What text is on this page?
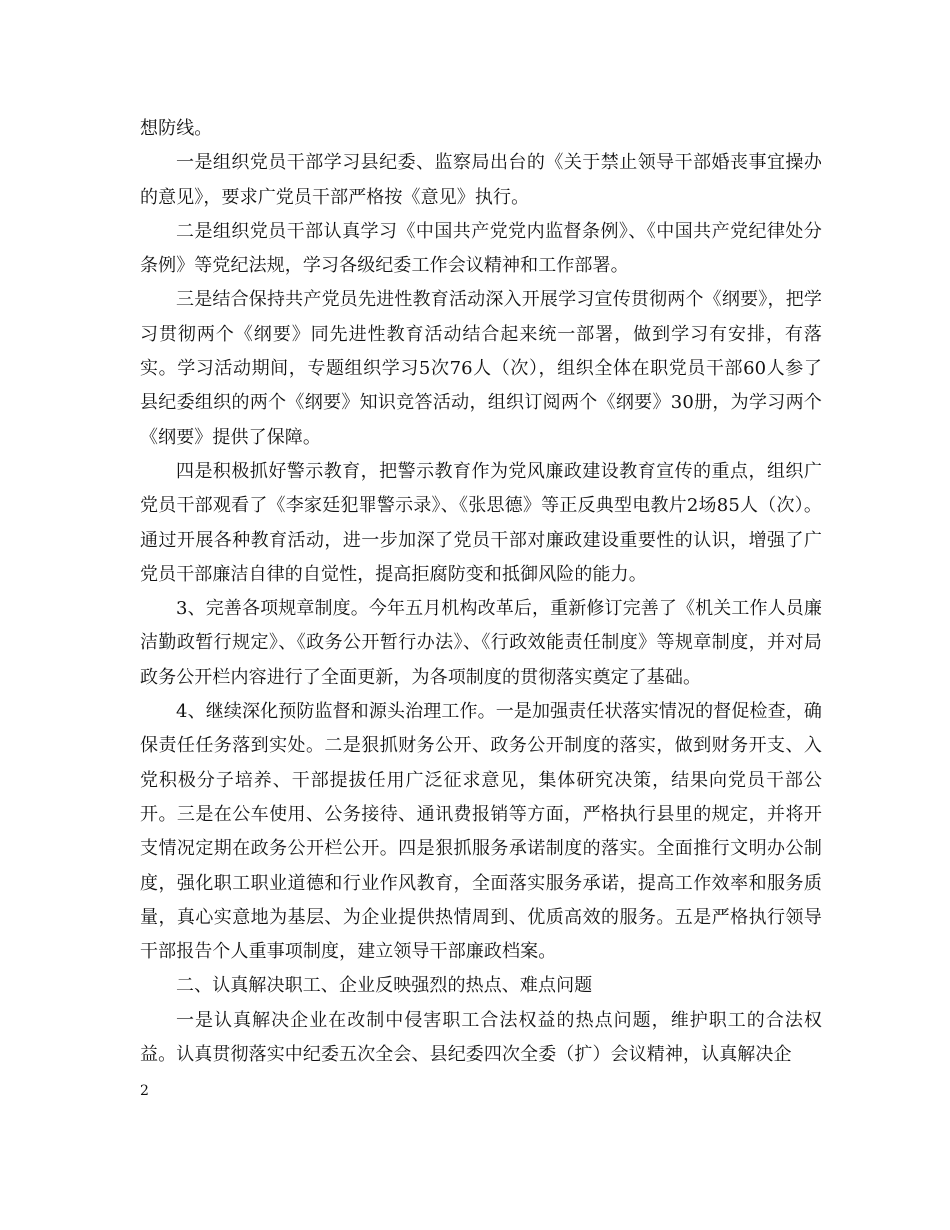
想防线。

一是组织党员干部学习县纪委、监察局出台的《关于禁止领导干部婚丧事宜操办的意见》，要求广党员干部严格按《意见》执行。

二是组织党员干部认真学习《中国共产党党内监督条例》、《中国共产党纪律处分条例》等党纪法规，学习各级纪委工作会议精神和工作部署。

三是结合保持共产党员先进性教育活动深入开展学习宣传贯彻两个《纲要》，把学习贯彻两个《纲要》同先进性教育活动结合起来统一部署，做到学习有安排，有落实。学习活动期间，专题组织学习5次76人（次），组织全体在职党员干部60人参了县纪委组织的两个《纲要》知识竞答活动，组织订阅两个《纲要》30册，为学习两个《纲要》提供了保障。

四是积极抓好警示教育，把警示教育作为党风廉政建设教育宣传的重点，组织广党员干部观看了《李家廷犯罪警示录》、《张思德》等正反典型电教片2场85人（次）。通过开展各种教育活动，进一步加深了党员干部对廉政建设重要性的认识，增强了广党员干部廉洁自律的自觉性，提高拒腐防变和抵御风险的能力。

3、完善各项规章制度。今年五月机构改革后，重新修订完善了《机关工作人员廉洁勤政暂行规定》、《政务公开暂行办法》、《行政效能责任制度》等规章制度，并对局政务公开栏内容进行了全面更新，为各项制度的贯彻落实奠定了基础。

4、继续深化预防监督和源头治理工作。一是加强责任状落实情况的督促检查，确保责任任务落到实处。二是狠抓财务公开、政务公开制度的落实，做到财务开支、入党积极分子培养、干部提拔任用广泛征求意见，集体研究决策，结果向党员干部公开。三是在公车使用、公务接待、通讯费报销等方面，严格执行县里的规定，并将开支情况定期在政务公开栏公开。四是狠抓服务承诺制度的落实。全面推行文明办公制度，强化职工职业道德和行业作风教育，全面落实服务承诺，提高工作效率和服务质量，真心实意地为基层、为企业提供热情周到、优质高效的服务。五是严格执行领导干部报告个人重事项制度，建立领导干部廉政档案。

二、认真解决职工、企业反映强烈的热点、难点问题

一是认真解决企业在改制中侵害职工合法权益的热点问题，维护职工的合法权益。认真贯彻落实中纪委五次全会、县纪委四次全委（扩）会议精神，认真解决企

2
